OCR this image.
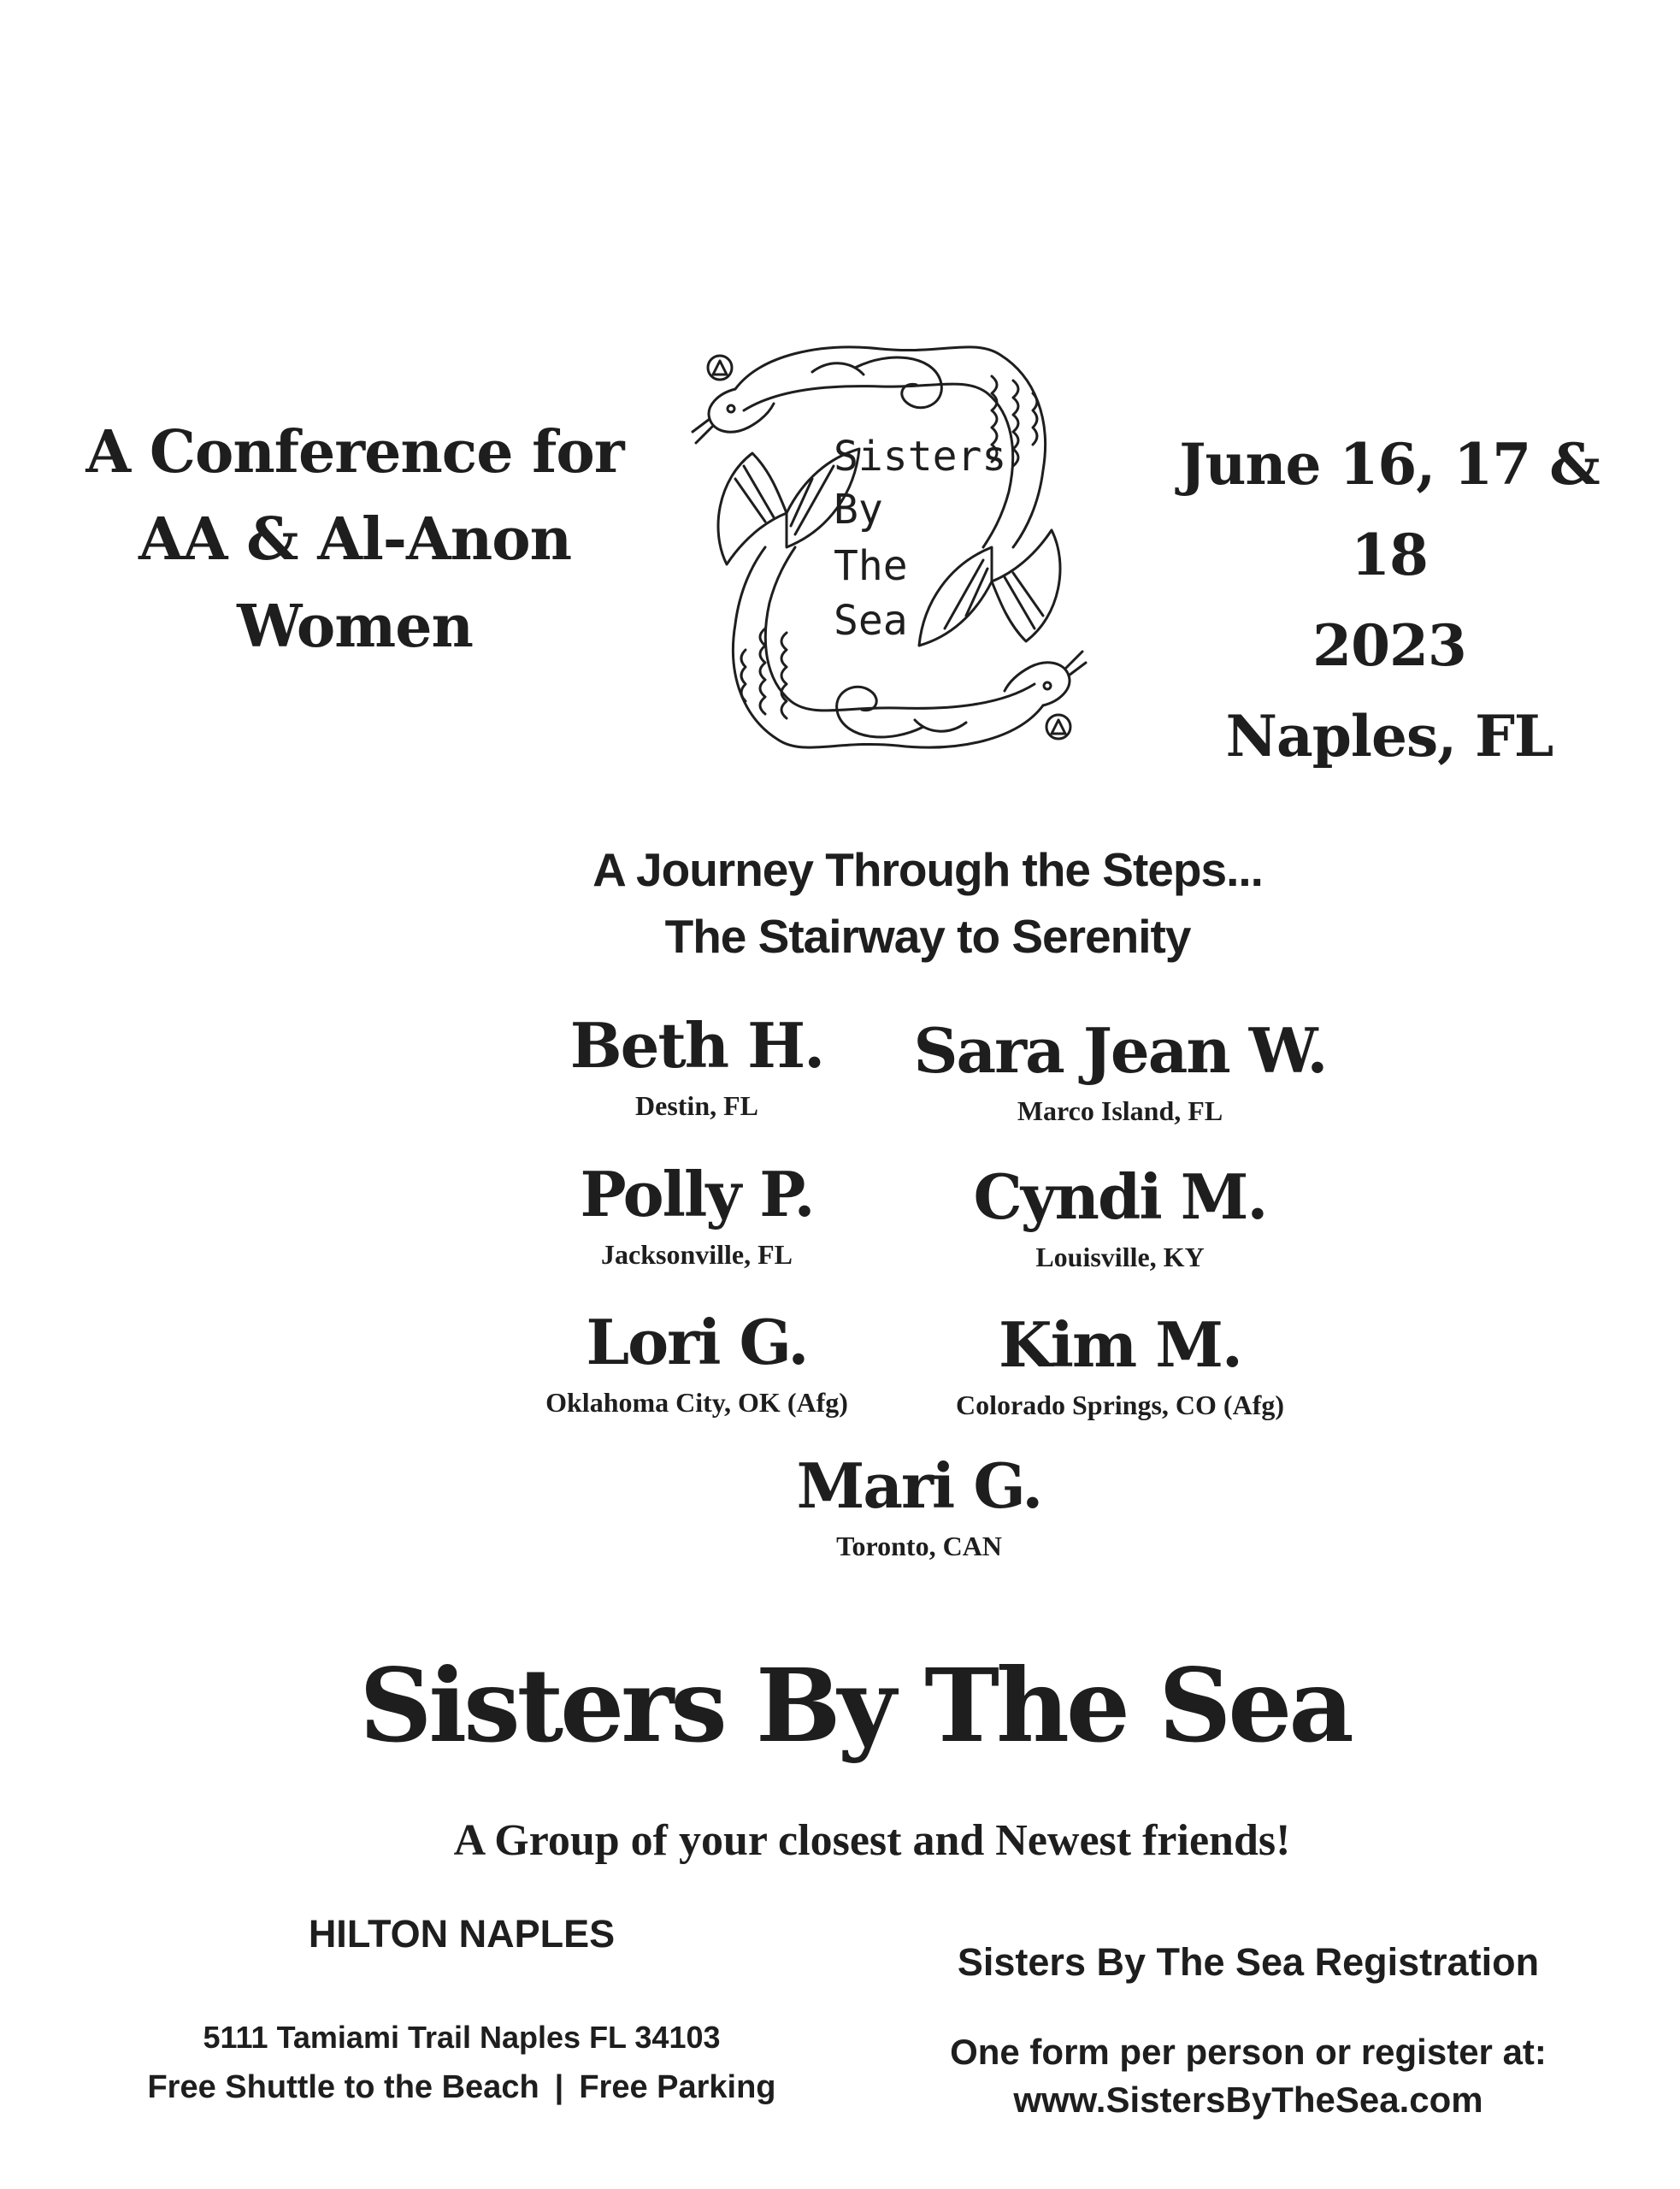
A Conference for
AA & Al-Anon
Women
Sisters
By
The
Sea
June 16, 17 & 18
2023
Naples, FL
A Journey Through the Steps...
The Stairway to Serenity
Beth H.
Destin, FL
Sara Jean W.
Marco Island, FL
Polly P.
Jacksonville, FL
Cyndi M.
Louisville, KY
Lori G.
Oklahoma City, OK (Afg)
Kim M.
Colorado Springs, CO (Afg)
Mari G.
Toronto, CAN
Sisters By The Sea
A Group of your closest and Newest friends!
HILTON NAPLES
5111 Tamiami Trail Naples FL 34103
Free Shuttle to the Beach | Free Parking
Sisters By The Sea Registration
One form per person or register at:
www.SistersByTheSea.com
